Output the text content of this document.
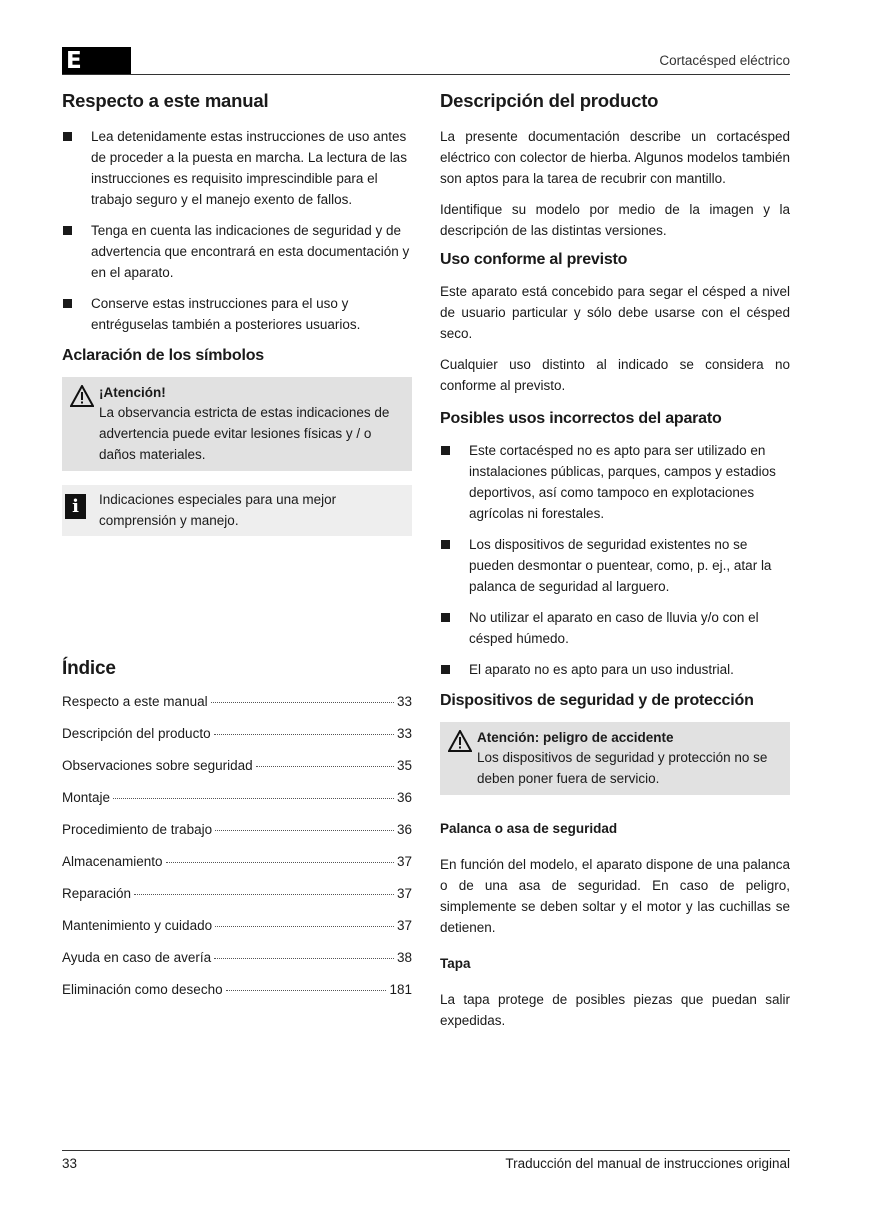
E	Cortacésped eléctrico
Respecto a este manual
Lea detenidamente estas instrucciones de uso antes de proceder a la puesta en marcha. La lectura de las instrucciones es requisito imprescindible para el trabajo seguro y el manejo exento de fallos.
Tenga en cuenta las indicaciones de seguridad y de advertencia que encontrará en esta documentación y en el aparato.
Conserve estas instrucciones para el uso y entréguselas también a posteriores usuarios.
Aclaración de los símbolos
¡Atención!
La observancia estricta de estas indicaciones de advertencia puede evitar lesiones físicas y / o daños materiales.
i	Indicaciones especiales para una mejor comprensión y manejo.
Índice
Respecto a este manual	33
Descripción del producto	33
Observaciones sobre seguridad	35
Montaje	36
Procedimiento de trabajo	36
Almacenamiento	37
Reparación	37
Mantenimiento y cuidado	37
Ayuda en caso de avería	38
Eliminación como desecho	181
Descripción del producto

La presente documentación describe un cortacésped eléctrico con colector de hierba. Algunos modelos también son aptos para la tarea de recubrir con mantillo.

Identifique su modelo por medio de la imagen y la descripción de las distintas versiones.

Uso conforme al previsto

Este aparato está concebido para segar el césped a nivel de usuario particular y sólo debe usarse con el césped seco.

Cualquier uso distinto al indicado se considera no conforme al previsto.

Posibles usos incorrectos del aparato
Este cortacésped no es apto para ser utilizado en instalaciones públicas, parques, campos y estadios deportivos, así como tampoco en explotaciones agrícolas ni forestales.
Los dispositivos de seguridad existentes no se pueden desmontar o puentear, como, p. ej., atar la palanca de seguridad al larguero.
No utilizar el aparato en caso de lluvia y/o con el césped húmedo.
El aparato no es apto para un uso industrial.
Dispositivos de seguridad y de protección
Atención: peligro de accidente
Los dispositivos de seguridad y protección no se deben poner fuera de servicio.
Palanca o asa de seguridad

En función del modelo, el aparato dispone de una palanca o de una asa de seguridad. En caso de peligro, simplemente se deben soltar y el motor y las cuchillas se detienen.

Tapa

La tapa protege de posibles piezas que puedan salir expedidas.

33	Traducción del manual de instrucciones original
